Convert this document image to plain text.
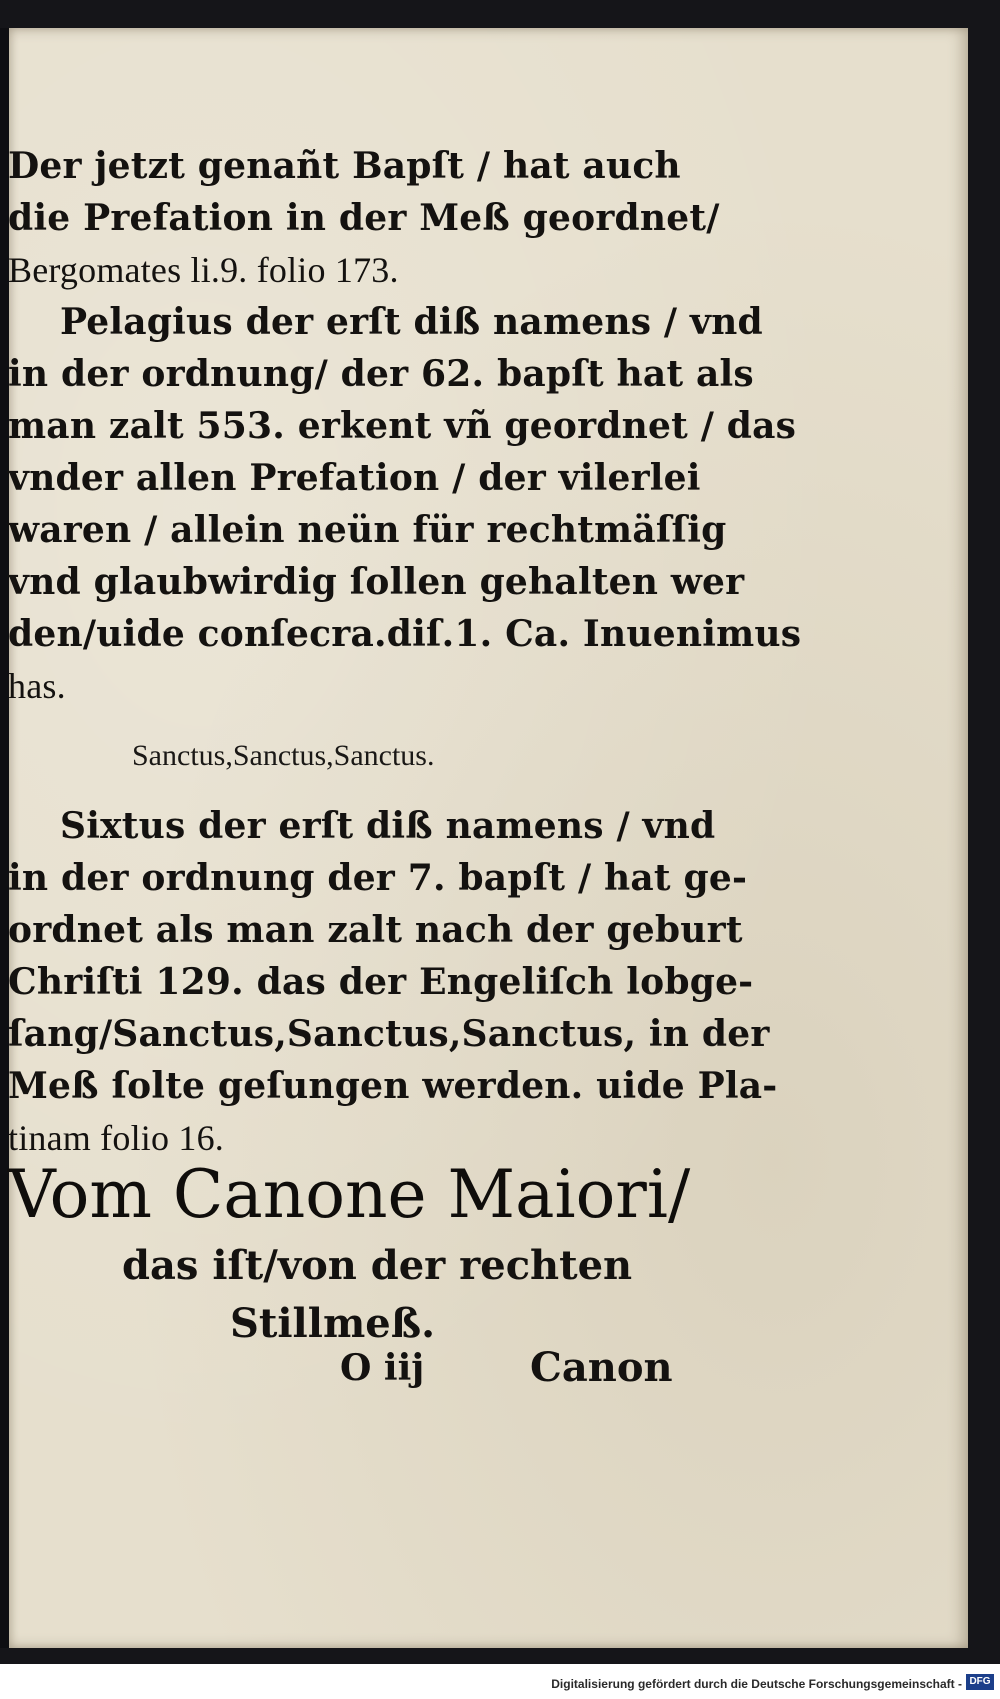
Der jetzt genañt Bapſt / hat auch
die Prefation in der Meß geordnet/
Bergomates li.9. folio 173.
Pelagius der erſt diß namens / vnd
in der ordnung/ der 62. bapſt hat als
man zalt 553. erkent vñ geordnet / das
vnder allen Prefation / der vilerlei
waren / allein neün für rechtmäſſig
vnd glaubwirdig ſollen gehalten wer
den/uide conſecra.diſ.1. Ca. Inuenimus
has.
Sanctus,Sanctus,Sanctus.
Sixtus der erſt diß namens / vnd
in der ordnung der 7. bapſt / hat ge-
ordnet als man zalt nach der geburt
Chriſti 129. das der Engeliſch lobge-
ſang/Sanctus,Sanctus,Sanctus, in der
Meß ſolte geſungen werden. uide Pla-
tinam folio 16.
Vom Canone Maiori/
das iſt/von der rechten
Stillmeß.
O iij	Canon
Digitalisierung gefördert durch die Deutsche Forschungsgemeinschaft - DFG
